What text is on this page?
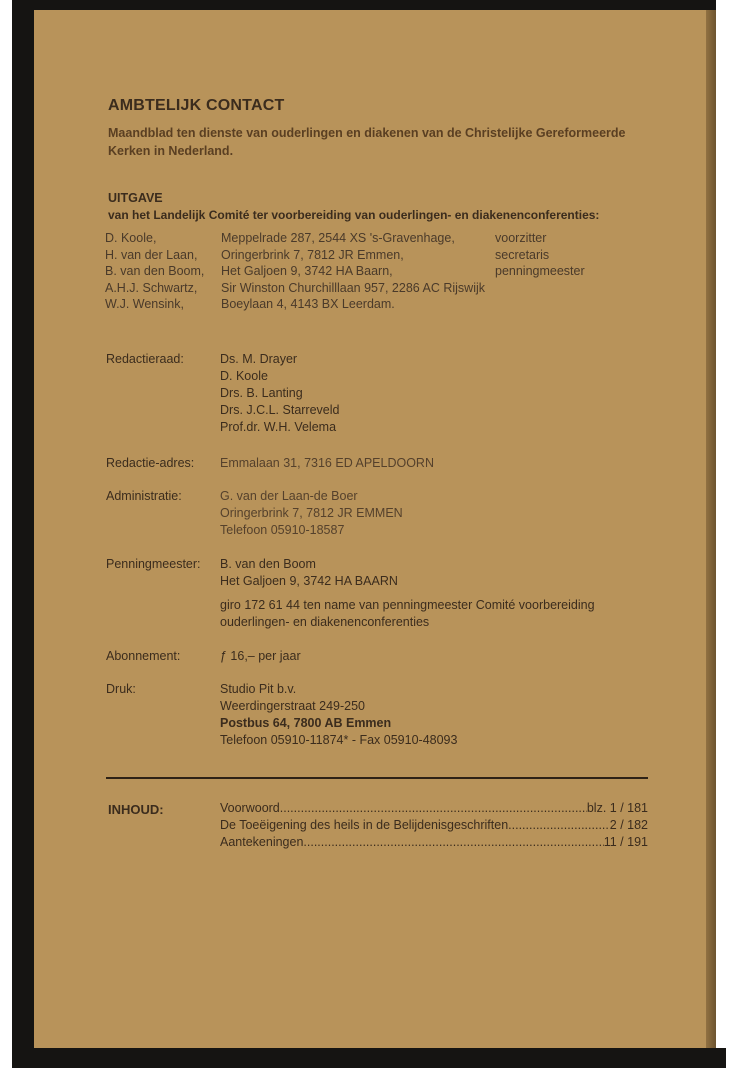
AMBTELIJK CONTACT

Maandblad ten dienste van ouderlingen en diakenen van de Christelijke Gereformeerde Kerken in Nederland.

UITGAVE
van het Landelijk Comité ter voorbereiding van ouderlingen- en diakenenconferenties:
D. Koole,	Meppelrade 287, 2544 XS 's-Gravenhage,	voorzitter
H. van der Laan, Oringerbrink 7, 7812 JR Emmen,	secretaris
B. van den Boom, Het Galjoen 9, 3742 HA Baarn,	penningmeester
A.H.J. Schwartz, Sir Winston Churchilllaan 957, 2286 AC Rijswijk
W.J. Wensink,	Boeylaan 4, 4143 BX Leerdam.
Redactieraad:	Ds. M. Drayer
D. Koole
Drs. B. Lanting
Drs. J.C.L. Starreveld
Prof.dr. W.H. Velema
Redactie-adres: Emmalaan 31, 7316 ED APELDOORN
Administratie:	G. van der Laan-de Boer
Oringerbrink 7, 7812 JR EMMEN
Telefoon 05910-18587
Penningmeester: B. van den Boom
Het Galjoen 9, 3742 HA BAARN
giro 172 61 44 ten name van penningmeester Comité voorbereiding
ouderlingen- en diakenenconferenties
Abonnement:	ƒ 16,– per jaar
Druk:	Studio Pit b.v.
Weerdingerstraat 249-250
Postbus 64, 7800 AB Emmen
Telefoon 05910-11874* - Fax 05910-48093
INHOUD:	Voorwoord .....	blz. 1 / 181
De Toeëigening des heils in de Belijdenisgeschriften .....	2 / 182
Aantekeningen .....	11 / 191
